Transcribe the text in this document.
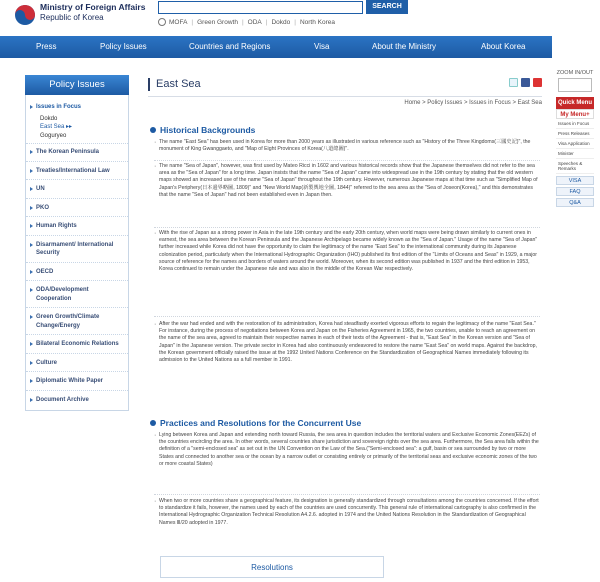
Ministry of Foreign Affairs
Republic of Korea
SEARCH
MOFA | Green Growth | ODA | Dokdo | North Korea
Press	Policy Issues	Countries and Regions	Visa	About the Ministry	About Korea
Policy Issues
Issues in Focus
Dokdo
East Sea ▸▸
Goguryeo
The Korean Peninsula
Treaties/International Law
UN
PKO
Human Rights
Disarmament/ International Security
OECD
ODA/Development Cooperation
Green Growth/Climate Change/Energy
Bilateral Economic Relations
Culture
Diplomatic White Paper
Document Archive
East Sea
Home > Policy Issues > Issues in Focus > East Sea
Historical Backgrounds
· The name "East Sea" has been used in Korea for more than 2000 years as illustrated in various reference such as "History of the Three Kingdoms(三國史記)", the monument of King Gwanggaeto, and "Map of Eight Provinces of Korea(八道總圖)".
· The name "Sea of Japan", however, was first used by Mateo Ricci in 1602 and various historical records show that the Japanese themselves did not refer to the sea area as the "Sea of Japan" for a long time. Japan insists that the name "Sea of Japan" came into widespread use in the 19th century by stating that the old western maps showed an increased use of the name "Sea of Japan" throughout the 19th century. However, numerous Japanese maps at that time such as "Simplified Map of Japan's Periphery(日本邊界略圖, 1809)" and "New World Map(新製輿地全圖, 1844)" referred to the sea area as the "Sea of Joseon(Korea)," and this demonstrates that the name "Sea of Japan" had not been established even in Japan then.
· With the rise of Japan as a strong power in Asia in the late 19th century and the early 20th century, when world maps were being drawn similarly to current ones in earnest, the sea area between the Korean Peninsula and the Japanese Archipelago became widely known as the "Sea of Japan." Usage of the name "Sea of Japan" further increased while Korea did not have the opportunity to claim the legitimacy of the name "East Sea" to the international community during its Japanese colonization period, particularly when the International Hydrographic Organization (IHO) published its first edition of the "Limits of Oceans and Seas" in 1929, a major source of reference for the names and borders of waters around the world. Moreover, when its second edition was published in 1937 and the third edition in 1953, Korea continued to remain under the Japanese rule and was also in the middle of the Korean War respectively.
· After the war had ended and with the restoration of its administration, Korea had steadfastly exerted vigorous efforts to regain the legitimacy of the name "East Sea." For instance, during the process of negotiations between Korea and Japan on the Fisheries Agreement in 1965, the two countries, unable to reach an agreement on the name of the sea area, agreed to maintain their respective names in each of their texts of the Agreement - that is, "East Sea" in the Korean version and "Sea of Japan" in the Japanese version. The private sector in Korea had also continuously endeavored to restore the name "East Sea" on world maps. Against the backdrop, the Korean government officially raised the issue at the 1992 United Nations Conference on the Standardization of Geographical Names immediately following its admission to the United Nations as a full member in 1991.
Practices and Resolutions for the Concurrent Use
· Lying between Korea and Japan and extending north toward Russia, the sea area in question includes the territorial waters and Exclusive Economic Zones(EEZs) of the countries encircling the area. In other words, several countries share jurisdiction and sovereign rights over the sea area. Furthermore, the Sea area falls within the definition of a "semi-enclosed sea" as set out in the UN Convention on the Law of the Sea.("Semi-enclosed sea": a gulf, basin or sea surrounded by two or more States and connected to another sea or the ocean by a narrow outlet or consisting entirely or primarily of the territorial seas and exclusive economic zones of the two or more coastal States)
· When two or more countries share a geographical feature, its designation is generally standardized through consultations among the countries concerned. If the effort to standardize it fails, however, the names used by each of the countries are used concurrently. This general rule of international cartography is also confirmed in the International Hydrographic Organization Technical Resolution A4.2.6. adopted in 1974 and the United Nations Resolution in the Standardization of Geographical Names Ⅲ/20 adopted in 1977.
Resolutions
ZOOM IN/OUT
Quick Menu
My Menu+
Issues in Focus
Press Releases
Visa Application
Minister
Speeches & Remarks
VISA
FAQ
Q&A
